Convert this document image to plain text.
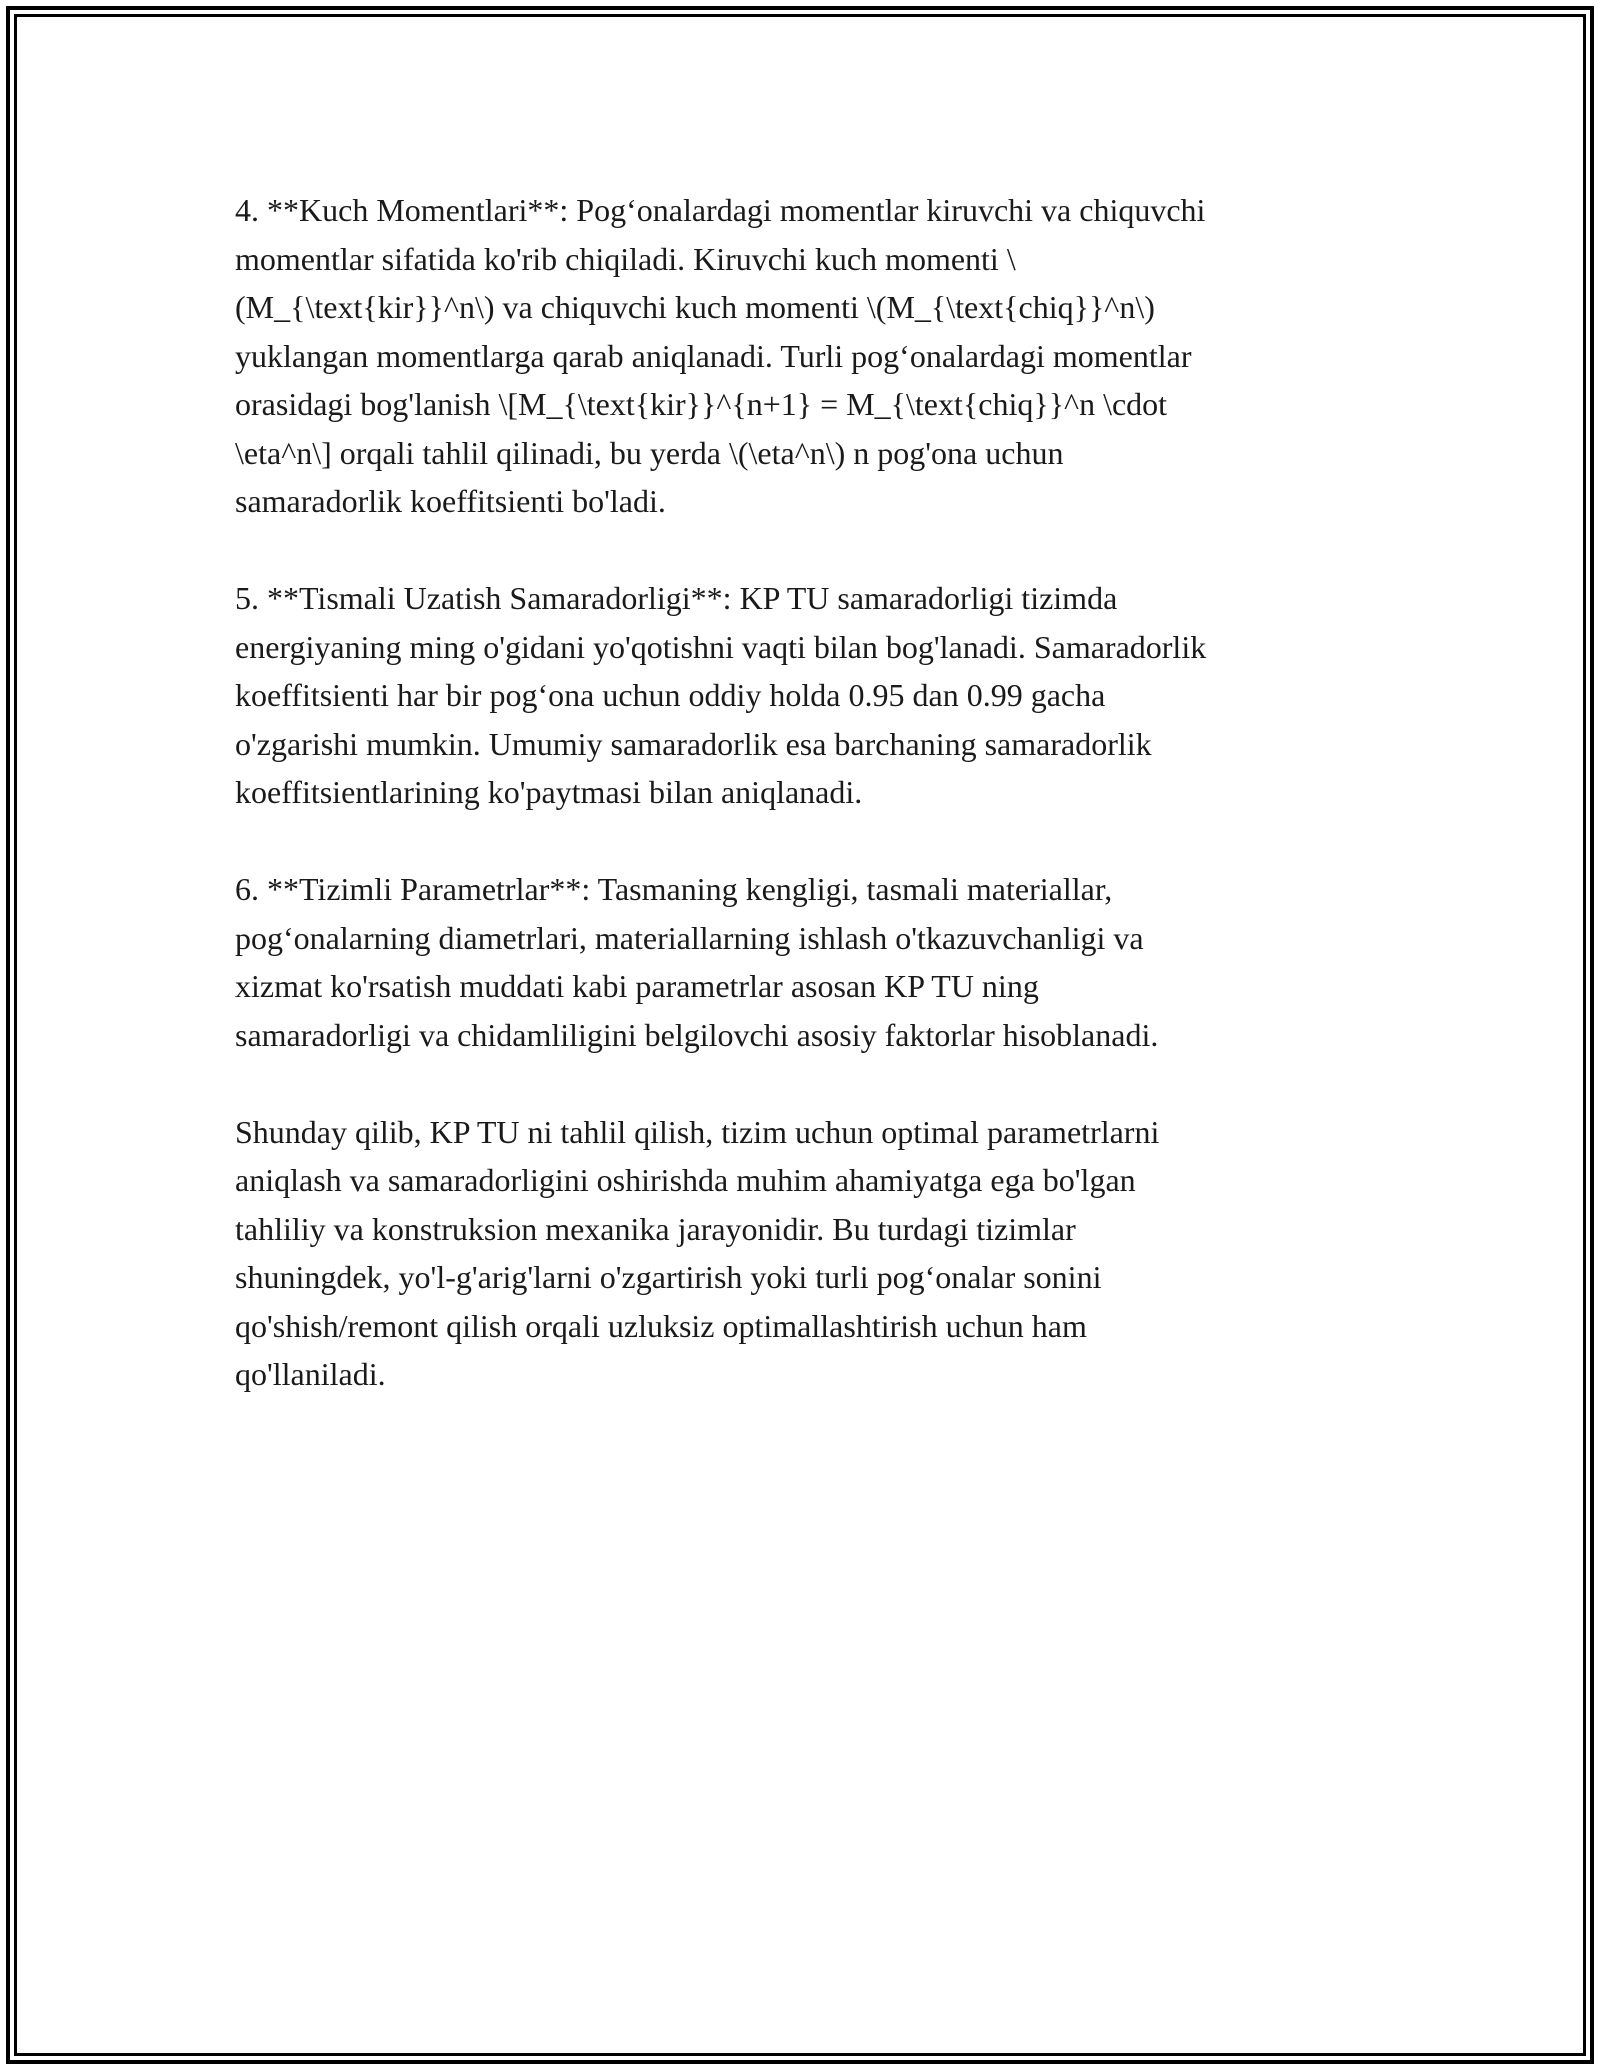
4. **Kuch Momentlari**: Pog‘onalardagi momentlar kiruvchi va chiquvchi
momentlar sifatida ko'rib chiqiladi. Kiruvchi kuch momenti \
(M_{\text{kir}}^n\) va chiquvchi kuch momenti \(M_{\text{chiq}}^n\)
yuklangan momentlarga qarab aniqlanadi. Turli pog‘onalardagi momentlar
orasidagi bog'lanish \[M_{\text{kir}}^{n+1} = M_{\text{chiq}}^n \cdot
\eta^n\] orqali tahlil qilinadi, bu yerda \(\eta^n\) n pog'ona uchun
samaradorlik koeffitsienti bo'ladi.

5. **Tismali Uzatish Samaradorligi**: KP TU samaradorligi tizimda
energiyaning ming o'gidani yo'qotishni vaqti bilan bog'lanadi. Samaradorlik
koeffitsienti har bir pog‘ona uchun oddiy holda 0.95 dan 0.99 gacha
o'zgarishi mumkin. Umumiy samaradorlik esa barchaning samaradorlik
koeffitsientlarining ko'paytmasi bilan aniqlanadi.

6. **Tizimli Parametrlar**: Tasmaning kengligi, tasmali materiallar,
pog‘onalarning diametrlari, materiallarning ishlash o'tkazuvchanligi va
xizmat ko'rsatish muddati kabi parametrlar asosan KP TU ning
samaradorligi va chidamliligini belgilovchi asosiy faktorlar hisoblanadi.

Shunday qilib, KP TU ni tahlil qilish, tizim uchun optimal parametrlarni
aniqlash va samaradorligini oshirishda muhim ahamiyatga ega bo'lgan
tahliliy va konstruksion mexanika jarayonidir. Bu turdagi tizimlar
shuningdek, yo'l-g'arig'larni o'zgartirish yoki turli pog‘onalar sonini
qo'shish/remont qilish orqali uzluksiz optimallashtirish uchun ham
qo'llaniladi.
